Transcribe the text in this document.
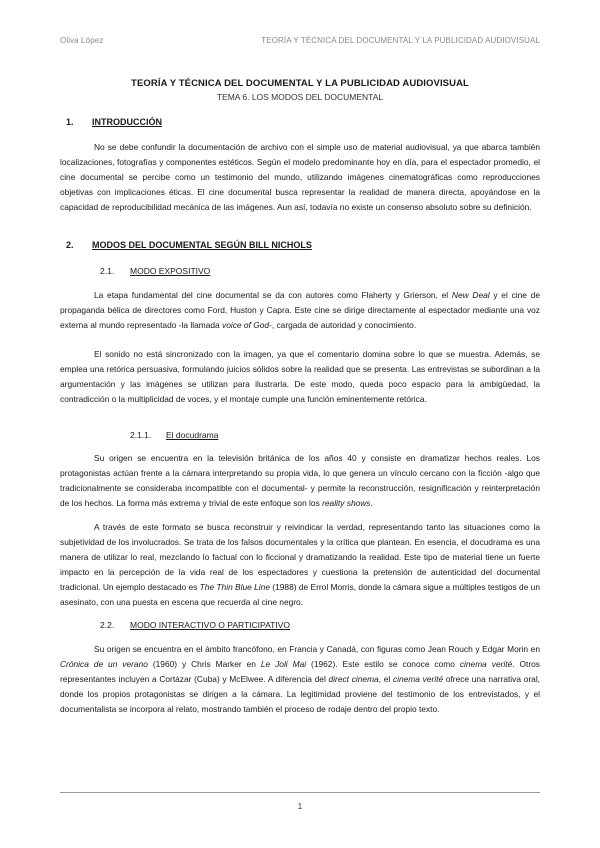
Oliva López	TEORÍA Y TÉCNICA DEL DOCUMENTAL Y LA PUBLICIDAD AUDIOVISUAL
TEORÍA Y TÉCNICA DEL DOCUMENTAL Y LA PUBLICIDAD AUDIOVISUAL
TEMA 6. LOS MODOS DEL DOCUMENTAL
1.	INTRODUCCIÓN

No se debe confundir la documentación de archivo con el simple uso de material audiovisual, ya que abarca también localizaciones, fotografías y componentes estéticos. Según el modelo predominante hoy en día, para el espectador promedio, el cine documental se percibe como un testimonio del mundo, utilizando imágenes cinematográficas como reproducciones objetivas con implicaciones éticas. El cine documental busca representar la realidad de manera directa, apoyándose en la capacidad de reproducibilidad mecánica de las imágenes. Aun así, todavía no existe un consenso absoluto sobre su definición.

2.	MODOS DEL DOCUMENTAL SEGÚN BILL NICHOLS
2.1.	MODO EXPOSITIVO

La etapa fundamental del cine documental se da con autores como Flaherty y Grierson, el New Deal y el cine de propaganda bélica de directores como Ford, Huston y Capra. Este cine se dirige directamente al espectador mediante una voz externa al mundo representado -la llamada voice of God-, cargada de autoridad y conocimiento.

El sonido no está sincronizado con la imagen, ya que el comentario domina sobre lo que se muestra. Además, se emplea una retórica persuasiva, formulando juicios sólidos sobre la realidad que se presenta. Las entrevistas se subordinan a la argumentación y las imágenes se utilizan para ilustrarla. De este modo, queda poco espacio para la ambigüedad, la contradicción o la multiplicidad de voces, y el montaje cumple una función eminentemente retórica.

2.1.1.	El docudrama

Su origen se encuentra en la televisión británica de los años 40 y consiste en dramatizar hechos reales. Los protagonistas actúan frente a la cámara interpretando su propia vida, lo que genera un vínculo cercano con la ficción -algo que tradicionalmente se consideraba incompatible con el documental- y permite la reconstrucción, resignificación y reinterpretación de los hechos. La forma más extrema y trivial de este enfoque son los reality shows.

A través de este formato se busca reconstruir y reivindicar la verdad, representando tanto las situaciones como la subjetividad de los involucrados. Se trata de los falsos documentales y la crítica que plantean. En esencia, el docudrama es una manera de utilizar lo real, mezclando lo factual con lo ficcional y dramatizando la realidad. Este tipo de material tiene un fuerte impacto en la percepción de la vida real de los espectadores y cuestiona la pretensión de autenticidad del documental tradicional. Un ejemplo destacado es The Thin Blue Line (1988) de Errol Morris, donde la cámara sigue a múltiples testigos de un asesinato, con una puesta en escena que recuerda al cine negro.

2.2.	MODO INTERACTIVO O PARTICIPATIVO

Su origen se encuentra en el ámbito francófono, en Francia y Canadá, con figuras como Jean Rouch y Edgar Morin en Crónica de un verano (1960) y Chris Marker en Le Joli Mai (1962). Este estilo se conoce como cinema verité. Otros representantes incluyen a Cortázar (Cuba) y McElwee. A diferencia del direct cinema, el cinema verité ofrece una narrativa oral, donde los propios protagonistas se dirigen a la cámara. La legitimidad proviene del testimonio de los entrevistados, y el documentalista se incorpora al relato, mostrando también el proceso de rodaje dentro del propio texto.

1
